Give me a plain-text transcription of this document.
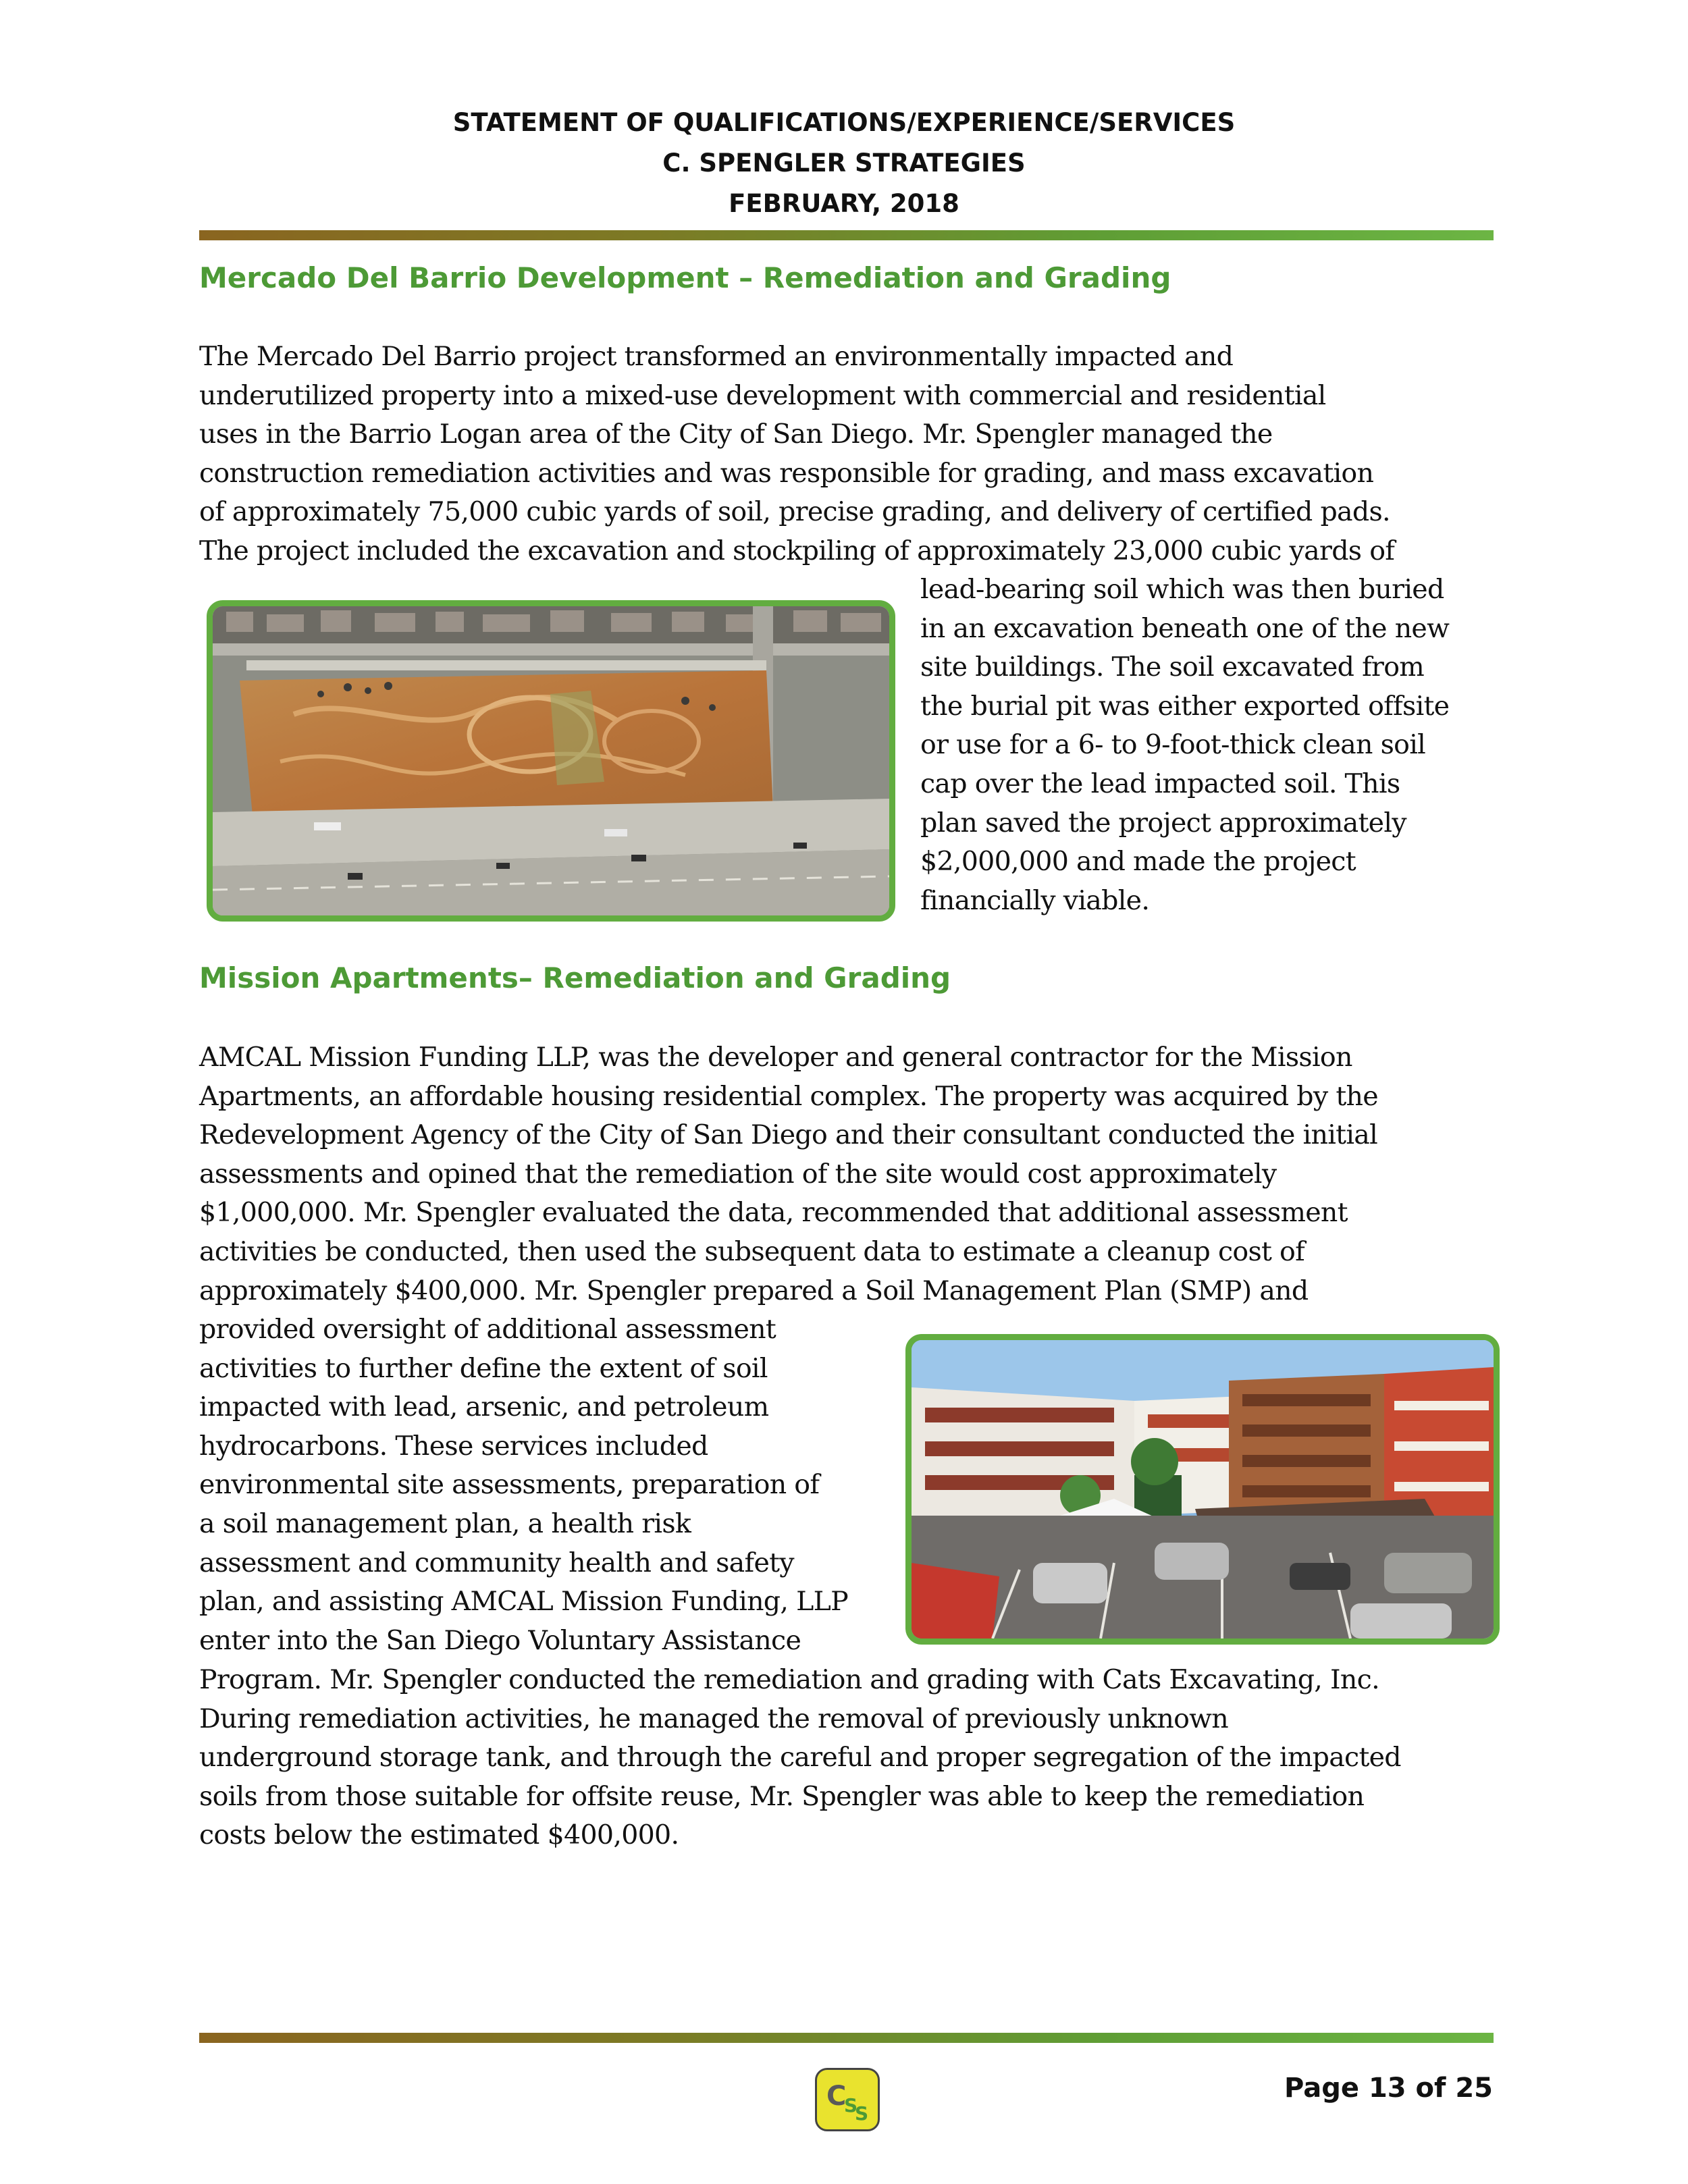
STATEMENT OF QUALIFICATIONS/EXPERIENCE/SERVICES
C. SPENGLER STRATEGIES
FEBRUARY, 2018
Mercado Del Barrio Development – Remediation and Grading
The Mercado Del Barrio project transformed an environmentally impacted and
underutilized property into a mixed-use development with commercial and residential
uses in the Barrio Logan area of the City of San Diego. Mr. Spengler managed the
construction remediation activities and was responsible for grading, and mass excavation
of approximately 75,000 cubic yards of soil, precise grading, and delivery of certified pads.
The project included the excavation and stockpiling of approximately 23,000 cubic yards of
lead-bearing soil which was then buried
in an excavation beneath one of the new
site buildings. The soil excavated from
the burial pit was either exported offsite
or use for a 6- to 9-foot-thick clean soil
cap over the lead impacted soil. This
plan saved the project approximately
$2,000,000 and made the project
financially viable.
Mission Apartments– Remediation and Grading
AMCAL Mission Funding LLP, was the developer and general contractor for the Mission
Apartments, an affordable housing residential complex. The property was acquired by the
Redevelopment Agency of the City of San Diego and their consultant conducted the initial
assessments and opined that the remediation of the site would cost approximately
$1,000,000. Mr. Spengler evaluated the data, recommended that additional assessment
activities be conducted, then used the subsequent data to estimate a cleanup cost of
approximately $400,000. Mr. Spengler prepared a Soil Management Plan (SMP) and
provided oversight of additional assessment
activities to further define the extent of soil
impacted with lead, arsenic, and petroleum
hydrocarbons. These services included
environmental site assessments, preparation of
a soil management plan, a health risk
assessment and community health and safety
plan, and assisting AMCAL Mission Funding, LLP
enter into the San Diego Voluntary Assistance
Program. Mr. Spengler conducted the remediation and grading with Cats Excavating, Inc.
During remediation activities, he managed the removal of previously unknown
underground storage tank, and through the careful and proper segregation of the impacted
soils from those suitable for offsite reuse, Mr. Spengler was able to keep the remediation
costs below the estimated $400,000.
C
S
S
Page 13 of 25
